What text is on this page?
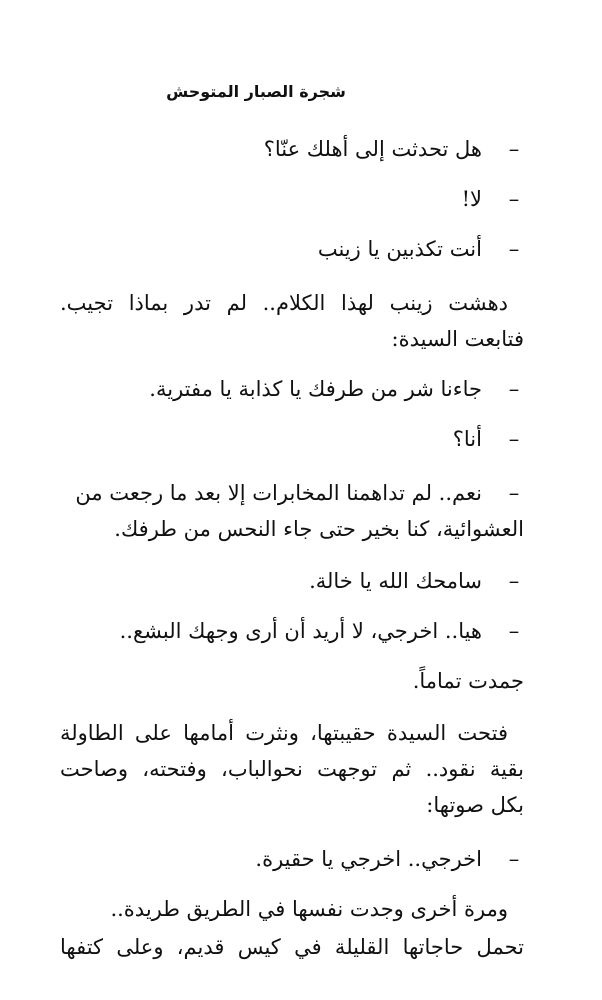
شجرة الصبار المتوحش
–
هل تحدثت إلى أهلك عنّا؟
–
لا!
–
أنت تكذبين يا زينب
دهشت زينب لهذا الكلام.. لم تدر بماذا تجيب.
فتابعت السيدة:
–
جاءنا شر من طرفك يا كذابة يا مفترية.
–
أنا؟
–
نعم.. لم تداهمنا المخابرات إلا بعد ما رجعت من
العشوائية، كنا بخير حتى جاء النحس من طرفك.
–
سامحك الله يا خالة.
–
هيا.. اخرجي، لا أريد أن أرى وجهك البشع..
جمدت تماماً.
فتحت السيدة حقيبتها، ونثرت أمامها على الطاولة
بقية نقود.. ثم توجهت نحوالباب، وفتحته، وصاحت
بكل صوتها:
–
اخرجي.. اخرجي يا حقيرة.
ومرة أخرى وجدت نفسها في الطريق طريدة..
تحمل حاجاتها القليلة في كيس قديم، وعلى كتفها
